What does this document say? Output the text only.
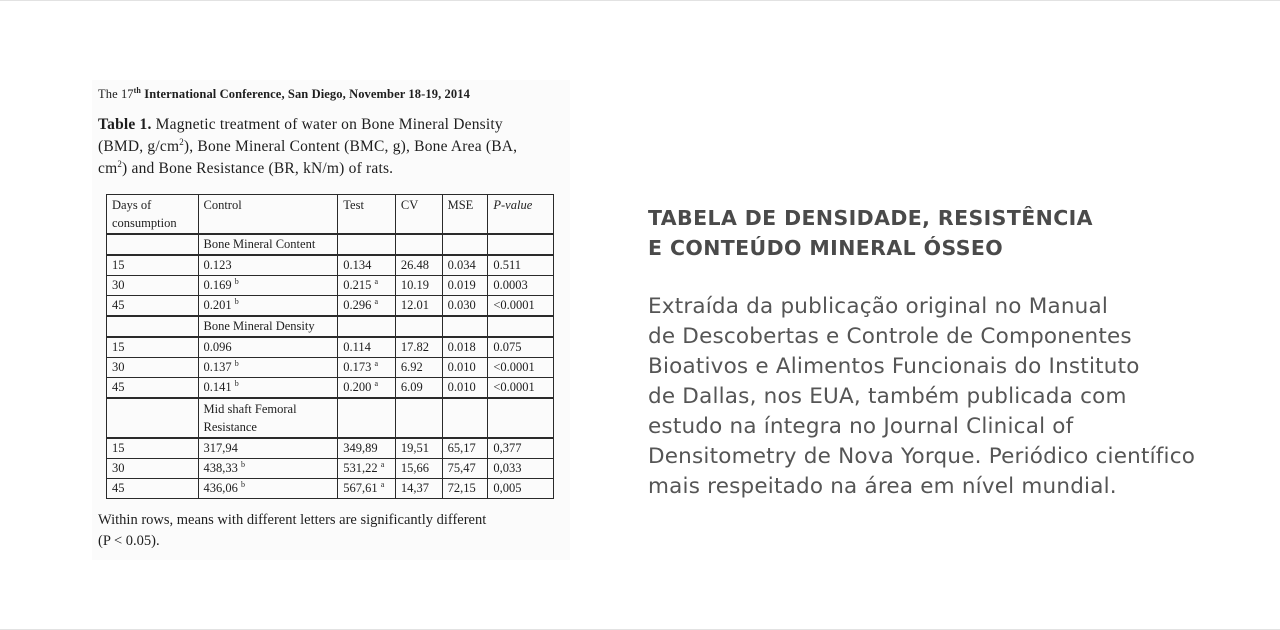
The 17th International Conference, San Diego, November 18-19, 2014
Table 1. Magnetic treatment of water on Bone Mineral Density
(BMD, $g/cm^2$), Bone Mineral Content (BMC, g), Bone Area (BA,
$cm^2$) and Bone Resistance (BR, kN/m) of rats.
Days of consumption	Control	Test	CV	MSE	P-value
	Bone Mineral Content				
15	0.123	0.134	26.48	0.034	0.511
30	0.169 $^b$	0.215 $^a$	10.19	0.019	0.0003
45	0.201 $^b$	0.296 $^a$	12.01	0.030	<0.0001
	Bone Mineral Density				
15	0.096	0.114	17.82	0.018	0.075
30	0.137 $^b$	0.173 $^a$	6.92	0.010	<0.0001
45	0.141 $^b$	0.200 $^a$	6.09	0.010	<0.0001
	Mid shaft Femoral Resistance				
15	317,94	349,89	19,51	65,17	0,377
30	438,33 $^b$	531,22 $^a$	15,66	75,47	0,033
45	436,06 $^b$	567,61 $^a$	14,37	72,15	0,005
Within rows, means with different letters are significantly different
(P < 0.05).
TABELA DE DENSIDADE, RESISTÊNCIA
E CONTEÚDO MINERAL ÓSSEO
Extraída da publicação original no Manual
de Descobertas e Controle de Componentes
Bioativos e Alimentos Funcionais do Instituto
de Dallas, nos EUA, também publicada com
estudo na íntegra no Journal Clinical of
Densitometry de Nova Yorque. Periódico científico
mais respeitado na área em nível mundial.
